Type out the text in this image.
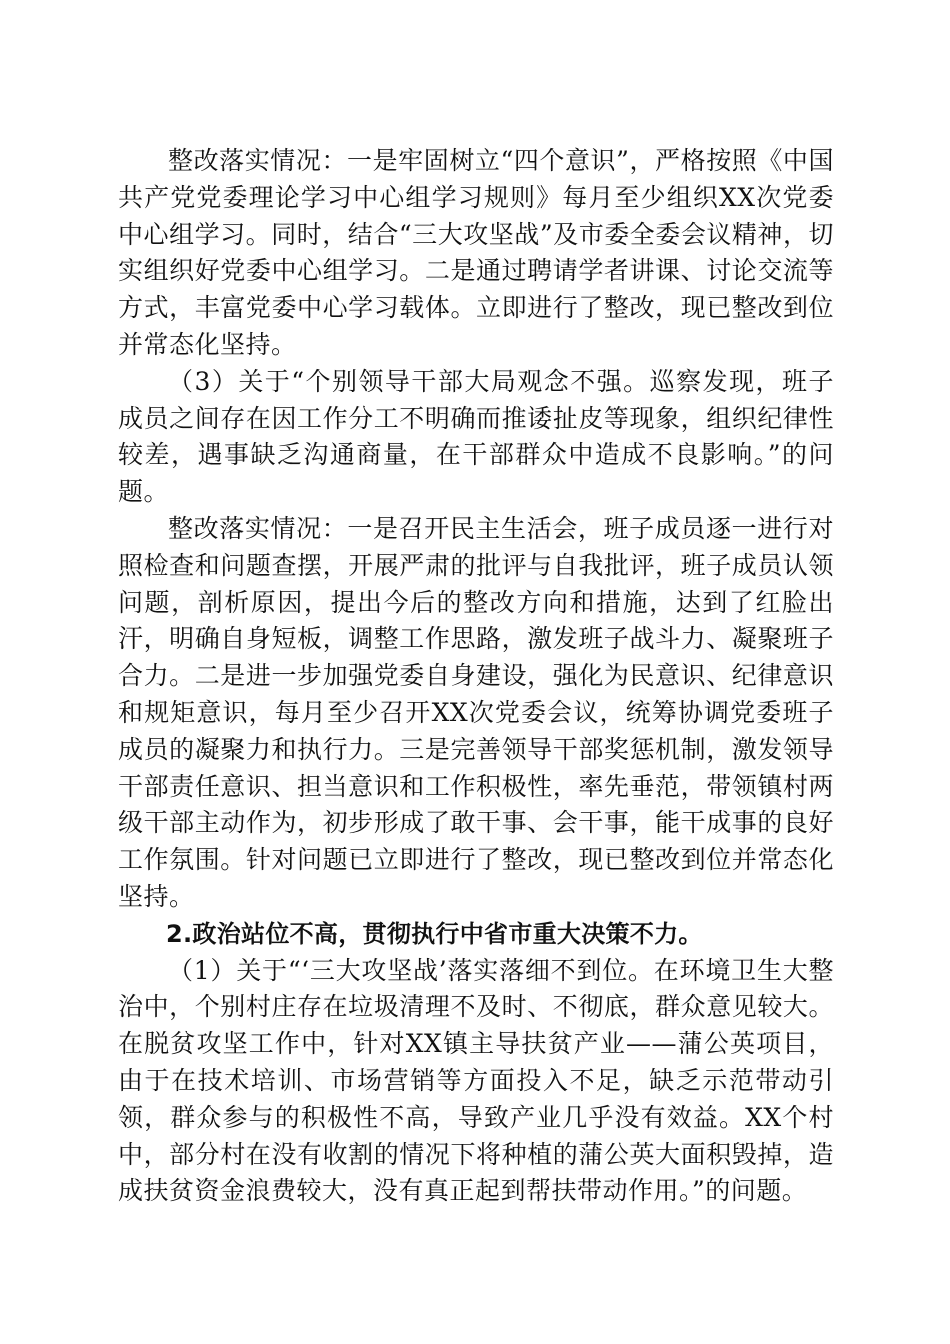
整改落实情况：一是牢固树立“四个意识”，严格按照《中国共产党党委理论学习中心组学习规则》每月至少组织XX次党委中心组学习。同时，结合“三大攻坚战”及市委全委会议精神，切实组织好党委中心组学习。二是通过聘请学者讲课、讨论交流等方式，丰富党委中心学习载体。立即进行了整改，现已整改到位并常态化坚持。

（3）关于“个别领导干部大局观念不强。巡察发现，班子成员之间存在因工作分工不明确而推诿扯皮等现象，组织纪律性较差，遇事缺乏沟通商量，在干部群众中造成不良影响。”的问题。

整改落实情况：一是召开民主生活会，班子成员逐一进行对照检查和问题查摆，开展严肃的批评与自我批评，班子成员认领问题，剖析原因，提出今后的整改方向和措施，达到了红脸出汗，明确自身短板，调整工作思路，激发班子战斗力、凝聚班子合力。二是进一步加强党委自身建设，强化为民意识、纪律意识和规矩意识，每月至少召开XX次党委会议，统筹协调党委班子成员的凝聚力和执行力。三是完善领导干部奖惩机制，激发领导干部责任意识、担当意识和工作积极性，率先垂范，带领镇村两级干部主动作为，初步形成了敢干事、会干事，能干成事的良好工作氛围。针对问题已立即进行了整改，现已整改到位并常态化坚持。

2.政治站位不高，贯彻执行中省市重大决策不力。

（1）关于“‘三大攻坚战’落实落细不到位。在环境卫生大整治中，个别村庄存在垃圾清理不及时、不彻底，群众意见较大。在脱贫攻坚工作中，针对XX镇主导扶贫产业——蒲公英项目，由于在技术培训、市场营销等方面投入不足，缺乏示范带动引领，群众参与的积极性不高，导致产业几乎没有效益。XX个村中，部分村在没有收割的情况下将种植的蒲公英大面积毁掉，造成扶贫资金浪费较大，没有真正起到帮扶带动作用。”的问题。
